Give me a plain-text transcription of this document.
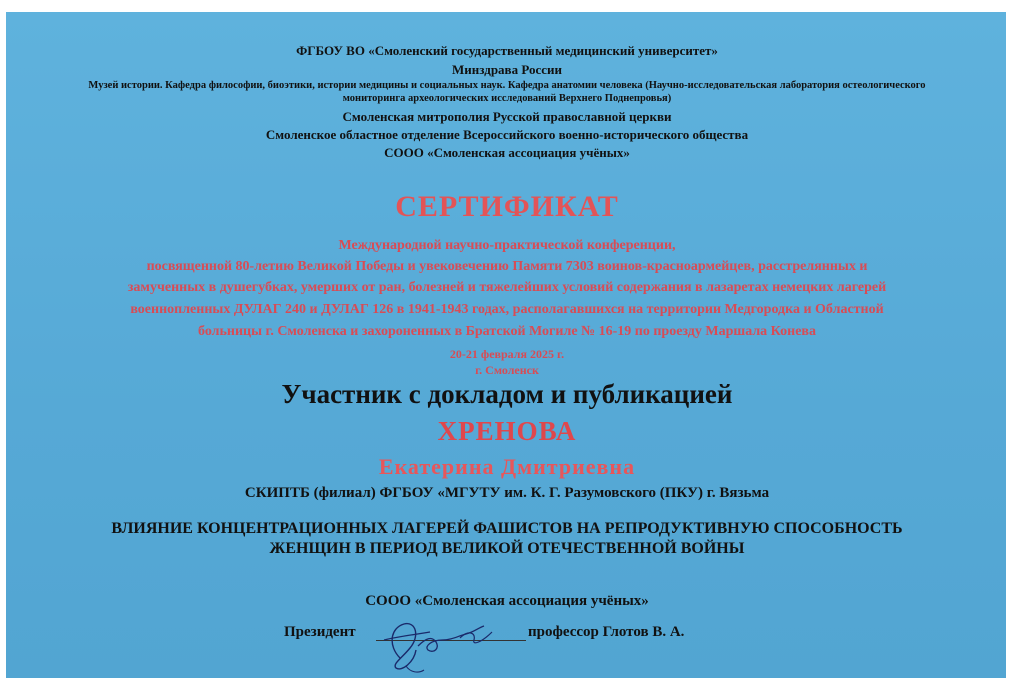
ФГБОУ ВО «Смоленский государственный медицинский университет»
Минздрава России
Музей истории. Кафедра философии, биоэтики, истории медицины и социальных наук. Кафедра анатомии человека (Научно-исследовательская лаборатория остеологического
мониторинга археологических исследований Верхнего Поднепровья)
Смоленская митрополия Русской православной церкви
Смоленское областное отделение Всероссийского военно-исторического общества
СООО «Смоленская ассоциация учёных»
СЕРТИФИКАТ
Международной научно-практической конференции,
посвященной 80-летию Великой Победы и увековечению Памяти 7303 воинов-красноармейцев, расстрелянных и
замученных в душегубках, умерших от ран, болезней и тяжелейших условий содержания в лазаретах немецких лагерей
военнопленных ДУЛАГ 240 и ДУЛАГ 126 в 1941-1943 годах, располагавшихся на территории Медгородка и Областной
больницы г. Смоленска и захороненных в Братской Могиле № 16-19 по проезду Маршала Конева
20-21 февраля 2025 г.
г. Смоленск
Участник с докладом и публикацией
ХРЕНОВА
Екатерина Дмитриевна
СКИПТБ (филиал) ФГБОУ «МГУТУ им. К. Г. Разумовского (ПКУ) г. Вязьма
ВЛИЯНИЕ КОНЦЕНТРАЦИОННЫХ ЛАГЕРЕЙ ФАШИСТОВ НА РЕПРОДУКТИВНУЮ СПОСОБНОСТЬ
ЖЕНЩИН В ПЕРИОД ВЕЛИКОЙ ОТЕЧЕСТВЕННОЙ ВОЙНЫ
СООО «Смоленская ассоциация учёных»
Президент	профессор Глотов В. А.
